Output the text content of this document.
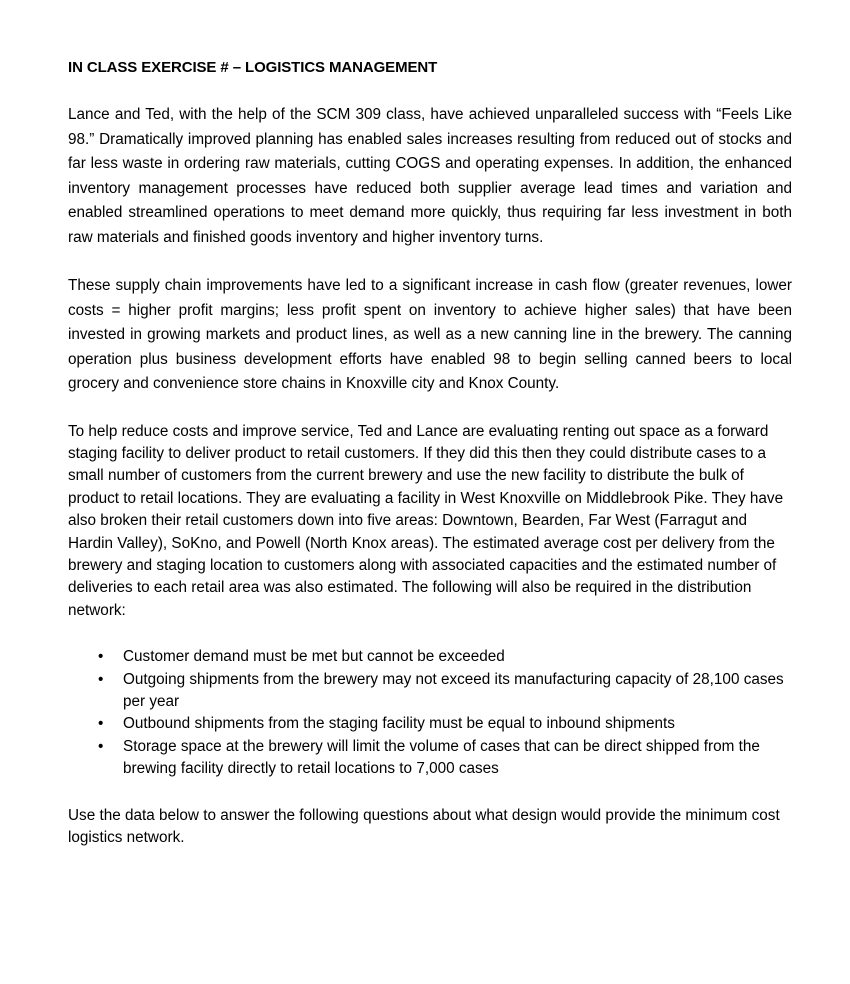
IN CLASS EXERCISE # – LOGISTICS MANAGEMENT

Lance and Ted, with the help of the SCM 309 class, have achieved unparalleled success with “Feels Like 98.” Dramatically improved planning has enabled sales increases resulting from reduced out of stocks and far less waste in ordering raw materials, cutting COGS and operating expenses. In addition, the enhanced inventory management processes have reduced both supplier average lead times and variation and enabled streamlined operations to meet demand more quickly, thus requiring far less investment in both raw materials and finished goods inventory and higher inventory turns.

These supply chain improvements have led to a significant increase in cash flow (greater revenues, lower costs = higher profit margins; less profit spent on inventory to achieve higher sales) that have been invested in growing markets and product lines, as well as a new canning line in the brewery. The canning operation plus business development efforts have enabled 98 to begin selling canned beers to local grocery and convenience store chains in Knoxville city and Knox County.

To help reduce costs and improve service, Ted and Lance are evaluating renting out space as a forward staging facility to deliver product to retail customers. If they did this then they could distribute cases to a small number of customers from the current brewery and use the new facility to distribute the bulk of product to retail locations. They are evaluating a facility in West Knoxville on Middlebrook Pike. They have also broken their retail customers down into five areas: Downtown, Bearden, Far West (Farragut and Hardin Valley), SoKno, and Powell (North Knox areas). The estimated average cost per delivery from the brewery and staging location to customers along with associated capacities and the estimated number of deliveries to each retail area was also estimated. The following will also be required in the distribution network:

• Customer demand must be met but cannot be exceeded
• Outgoing shipments from the brewery may not exceed its manufacturing capacity of 28,100 cases per year
• Outbound shipments from the staging facility must be equal to inbound shipments
• Storage space at the brewery will limit the volume of cases that can be direct shipped from the brewing facility directly to retail locations to 7,000 cases

Use the data below to answer the following questions about what design would provide the minimum cost logistics network.
